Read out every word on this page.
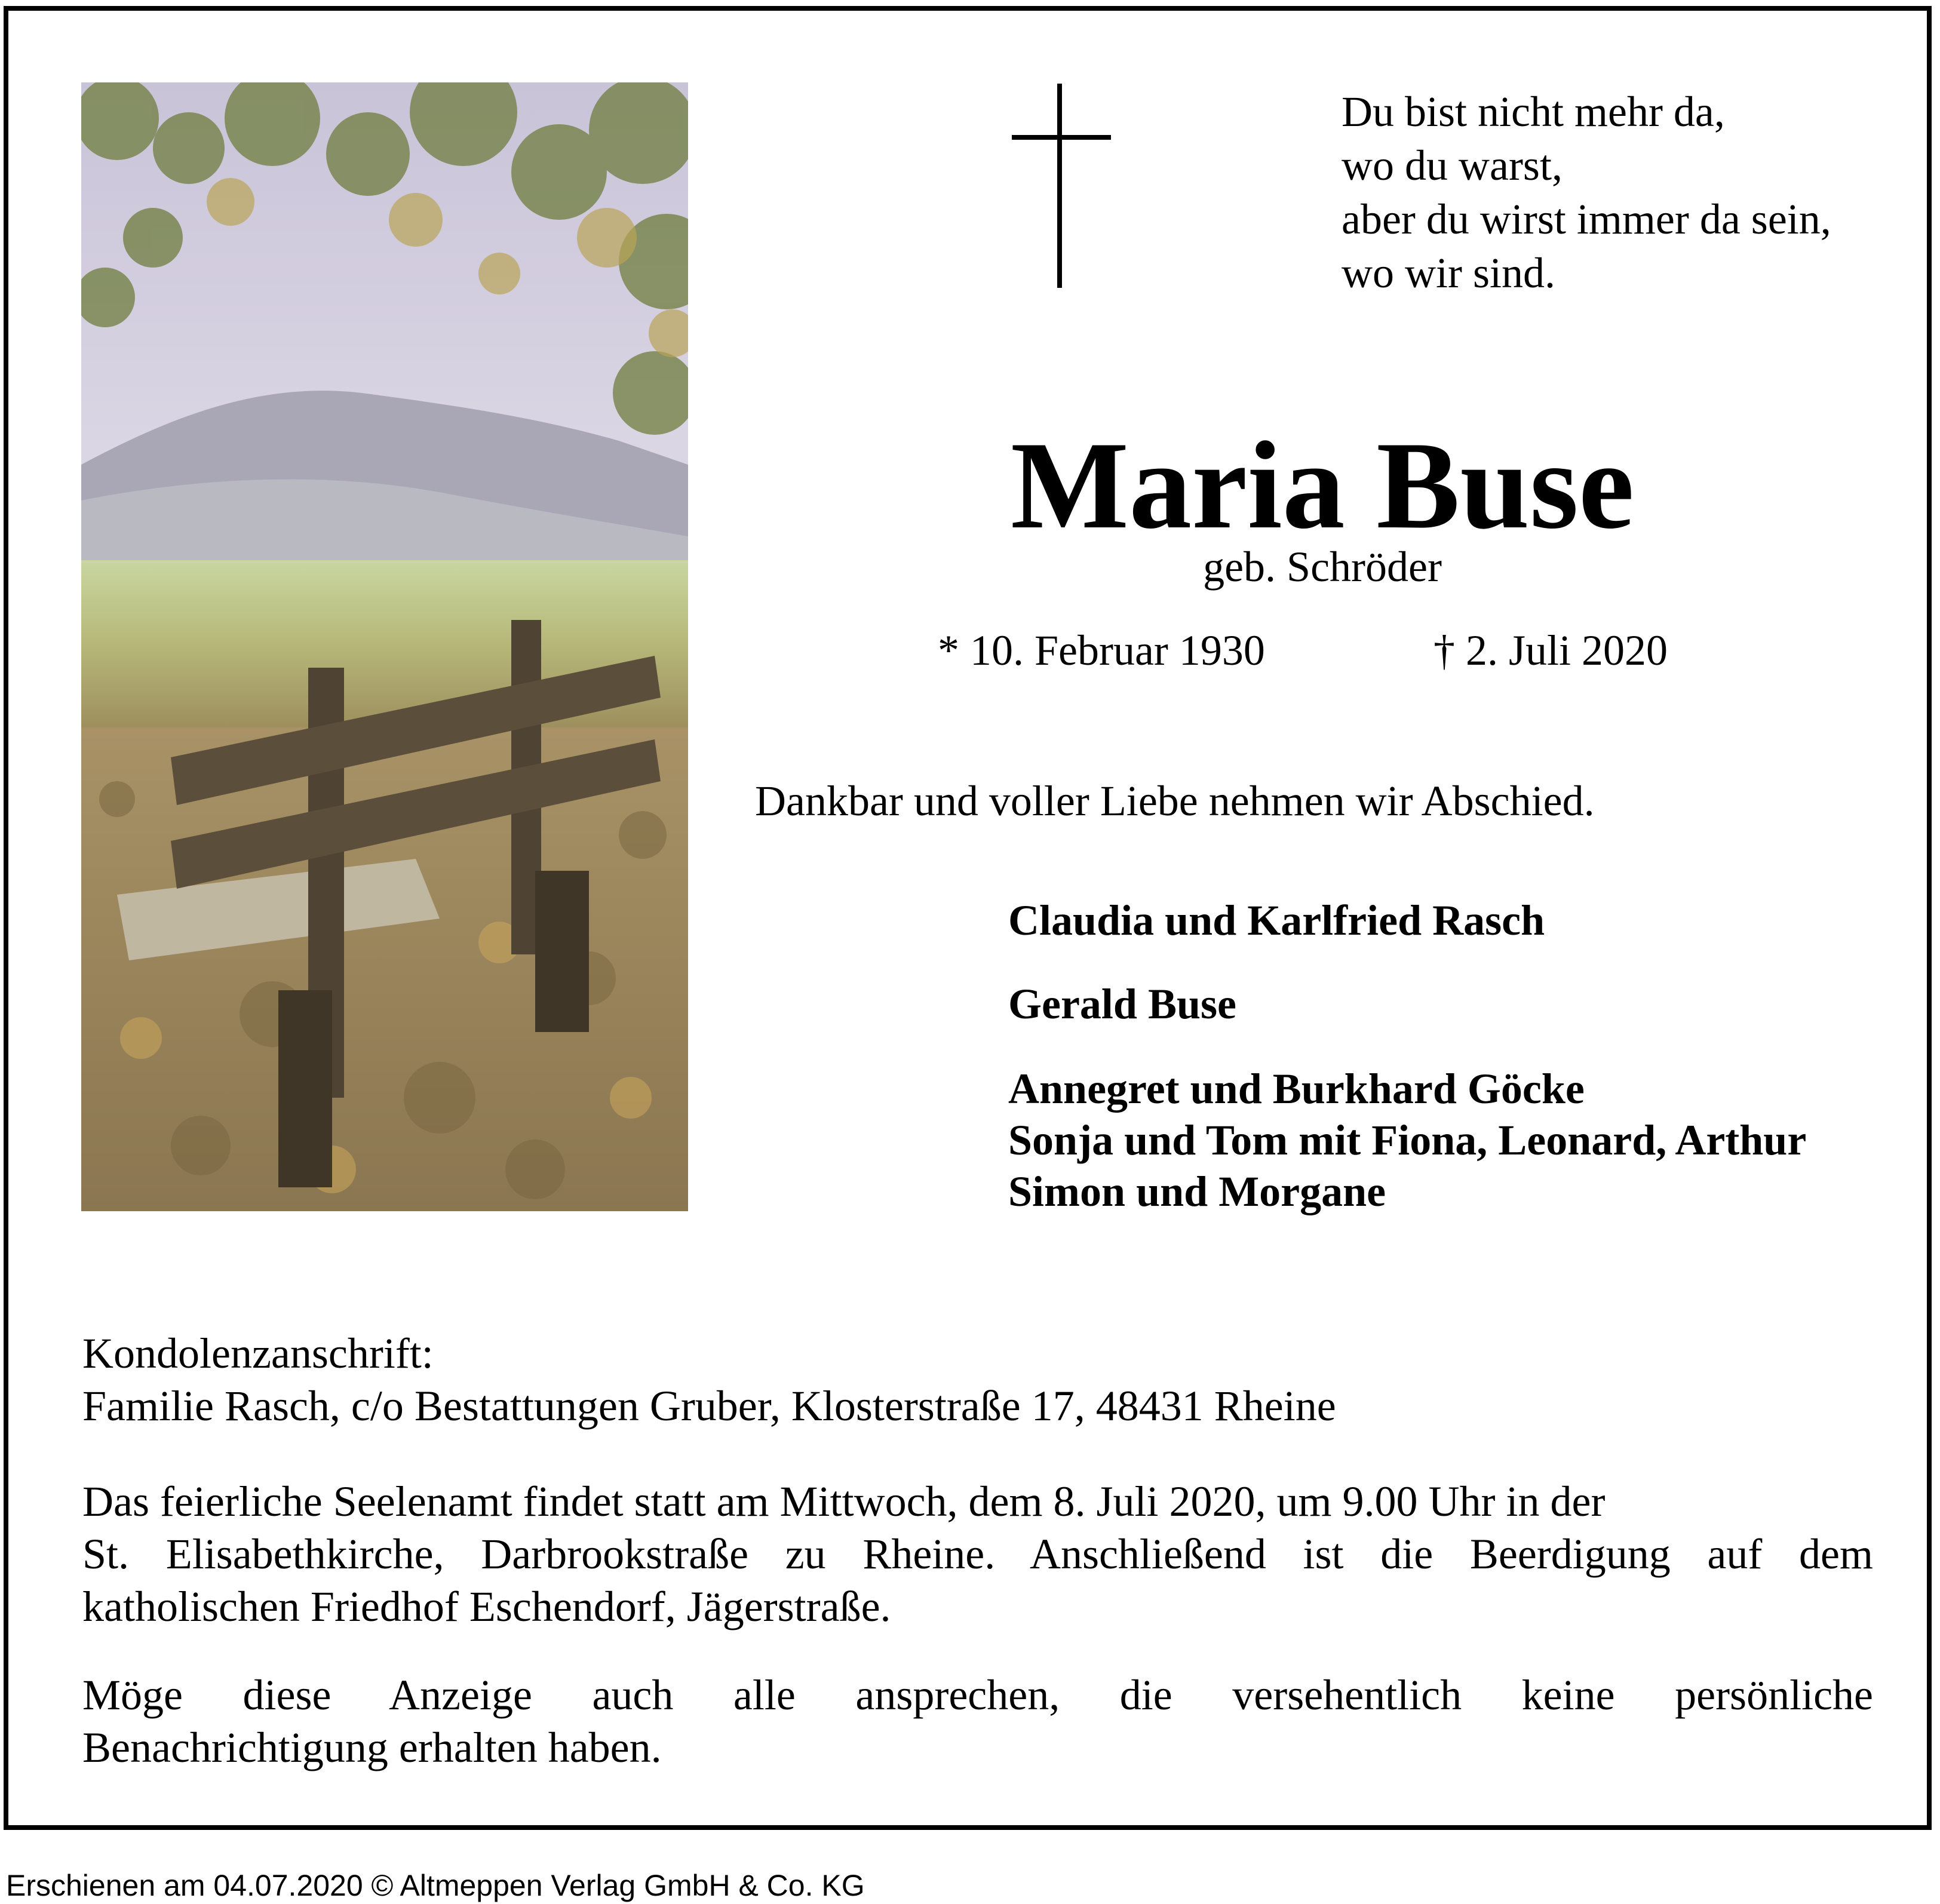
Du bist nicht mehr da,
wo du warst,
aber du wirst immer da sein,
wo wir sind.
Maria Buse
geb. Schröder
* 10. Februar 1930	† 2. Juli 2020
Dankbar und voller Liebe nehmen wir Abschied.
Claudia und Karlfried Rasch
Gerald Buse
Annegret und Burkhard Göcke
Sonja und Tom mit Fiona, Leonard, Arthur
Simon und Morgane
Kondolenzanschrift:
Familie Rasch, c/o Bestattungen Gruber, Klosterstraße 17, 48431 Rheine
Das feierliche Seelenamt findet statt am Mittwoch, dem 8. Juli 2020, um 9.00 Uhr in der
St. Elisabethkirche, Darbrookstraße zu Rheine. Anschließend ist die Beerdigung auf dem
katholischen Friedhof Eschendorf, Jägerstraße.
Möge diese Anzeige auch alle ansprechen, die versehentlich keine persönliche
Benachrichtigung erhalten haben.
Erschienen am 04.07.2020 © Altmeppen Verlag GmbH & Co. KG
